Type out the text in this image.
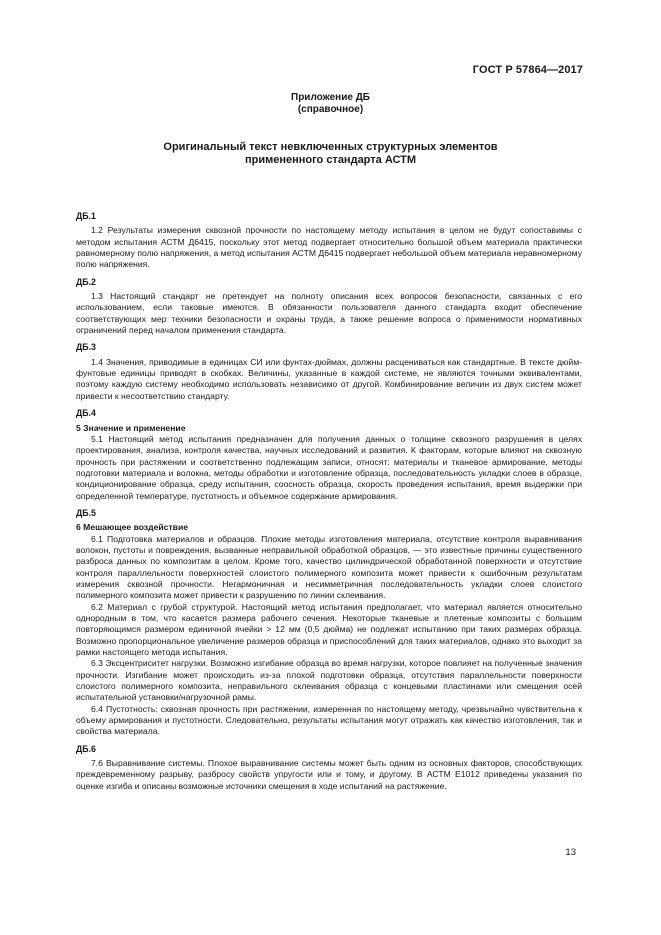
ГОСТ Р 57864—2017
Приложение ДБ
(справочное)
Оригинальный текст невключенных структурных элементов
примененного стандарта АСТМ
ДБ.1

1.2 Результаты измерения сквозной прочности по настоящему методу испытания в целом не будут сопоставимы с методом испытания АСТМ Д6415, поскольку этот метод подвергает относительно большой объем материала практически равномерному полю напряжения, а метод испытания АСТМ Д6415 подвергает небольшой объем материала неравномерному полю напряжения.

ДБ.2

1.3 Настоящий стандарт не претендует на полноту описания всех вопросов безопасности, связанных с его использованием, если таковые имеются. В обязанности пользователя данного стандарта входит обеспечение соответствующих мер техники безопасности и охраны труда, а также решение вопроса о применимости нормативных ограничений перед началом применения стандарта.

ДБ.3

1.4 Значения, приводимые в единицах СИ или фунтах-дюймах, должны расцениваться как стандартные. В тексте дюйм-фунтовые единицы приводят в скобках. Величины, указанные в каждой системе, не являются точными эквивалентами, поэтому каждую систему необходимо использовать независимо от другой. Комбинирование величин из двух систем может привести к несоответствию стандарту.

ДБ.4
5 Значение и применение

5.1 Настоящий метод испытания предназначен для получения данных о толщине сквозного разрушения в целях проектирования, анализа, контроля качества, научных исследований и развития. К факторам, которые влияют на сквозную прочность при растяжении и соответственно подлежащим записи, относят: материалы и тканевое армирование, методы подготовки материала и волокна, методы обработки и изготовление образца, последовательность укладки слоев в образце, кондиционирование образца, среду испытания, соосность образца, скорость проведения испытания, время выдержки при определенной температуре, пустотность и объемное содержание армирования.

ДБ.5
6 Мешающее воздействие

6.1 Подготовка материалов и образцов. Плохие методы изготовления материала, отсутствие контроля выравнивания волокон, пустоты и повреждения, вызванные неправильной обработкой образцов, — это известные причины существенного разброса данных по композитам в целом. Кроме того, качество цилиндрической обработанной поверхности и отсутствие контроля параллельности поверхностей слоистого полимерного композита может привести к ошибочным результатам измерения сквозной прочности. Негармоничная и несимметричная последовательность укладки слоев слоистого полимерного композита может привести к разрушению по линии склеивания.

6.2 Материал с грубой структурой. Настоящий метод испытания предполагает, что материал является относительно однородным в том, что касается размера рабочего сечения. Некоторые тканевые и плетеные композиты с большим повторяющимся размером единичной ячейки > 12 мм (0,5 дюйма) не подлежат испытанию при таких размерах образца. Возможно пропорциональное увеличение размеров образца и приспособлений для таких материалов, однако это выходит за рамки настоящего метода испытания.

6.3 Эксцентриситет нагрузки. Возможно изгибание образца во время нагрузки, которое повлияет на полученные значения прочности. Изгибание может происходить из-за плохой подготовки образца, отсутствия параллельности поверхности слоистого полимерного композита, неправильного склеивания образца с концевыми пластинами или смещения осей испытательной установки/нагрузочной рамы.

6.4 Пустотность: сквозная прочность при растяжении, измеренная по настоящему методу, чрезвычайно чувствительна к объему армирования и пустотности. Следовательно, результаты испытания могут отражать как качество изготовления, так и свойства материала.

ДБ.6

7.6 Выравнивание системы. Плохое выравнивание системы может быть одним из основных факторов, способствующих преждевременному разрыву, разбросу свойств упругости или и тому, и другому. В АСТМ Е1012 приведены указания по оценке изгиба и описаны возможные источники смещения в ходе испытаний на растяжение.

13
